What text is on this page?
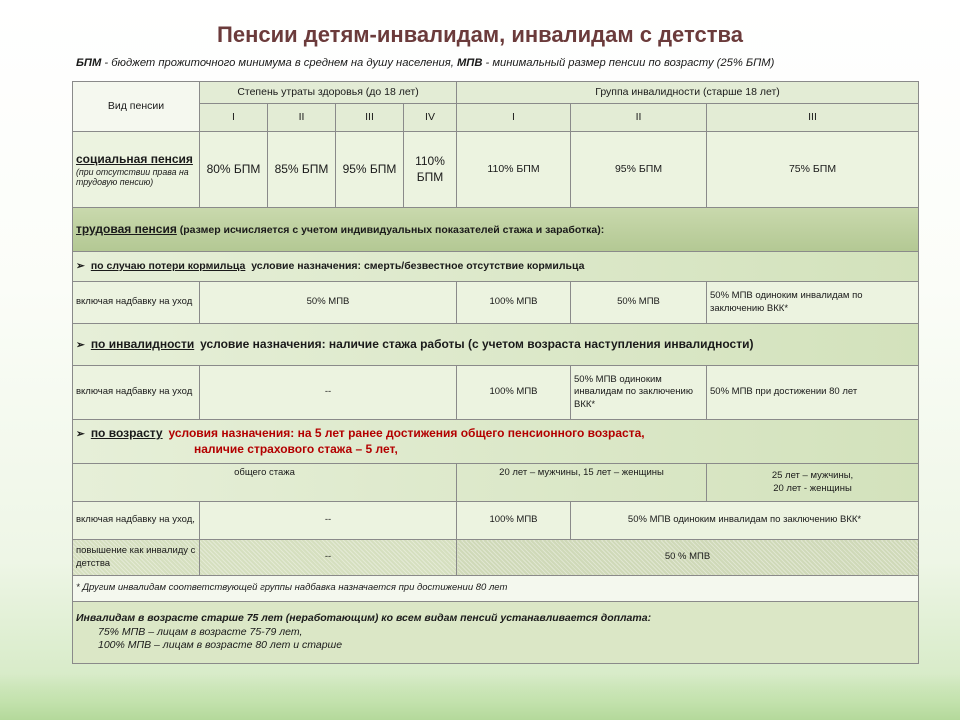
Пенсии детям-инвалидам, инвалидам с детства
БПМ - бюджет прожиточного минимума в среднем на душу населения, МПВ - минимальный размер пенсии по возрасту (25% БПМ)
Вид пенсии	Степень утраты здоровья (до 18 лет)				Группа инвалидности (старше 18 лет)		
	I	II	III	IV	I	II	III

социальная пенсия
(при отсутствии права на трудовую пенсию)	80% БПМ	85% БПМ	95% БПМ	110% БПМ	110% БПМ	95% БПМ	75% БПМ
трудовая пенсия (размер исчисляется с учетом индивидуальных показателей стажа и заработка):							
➢ по случаю потери кормильца условие назначения: смерть/безвестное отсутствие кормильца							
включая надбавку на уход	50% МПВ				100% МПВ	50% МПВ	50% МПВ одиноким инвалидам по заключению ВКК*
➢ по инвалидности условие назначения: наличие стажа работы (с учетом возраста наступления инвалидности)							
включая надбавку на уход	--				100% МПВ	50% МПВ одиноким инвалидам по заключению ВКК*	50% МПВ при достижении 80 лет

➢ по возрасту условия назначения: на 5 лет ранее достижения общего пенсионного возраста,
наличие страхового стажа – 5 лет,							

общего стажа					20 лет – мужчины, 15 лет – женщины		25 лет – мужчины,
20 лет - женщины

включая надбавку на уход,	--				100% МПВ	50% МПВ одиноким инвалидам по заключению ВКК*	
повышение как инвалиду с детства	--				50 % МПВ		
* Другим инвалидам соответствующей группы надбавка назначается при достижении 80 лет							

Инвалидам в возрасте старше 75 лет (неработающим) ко всем видам пенсий устанавливается доплата:
75% МПВ – лицам в возрасте 75-79 лет,
100% МПВ – лицам в возрасте 80 лет и старше							
